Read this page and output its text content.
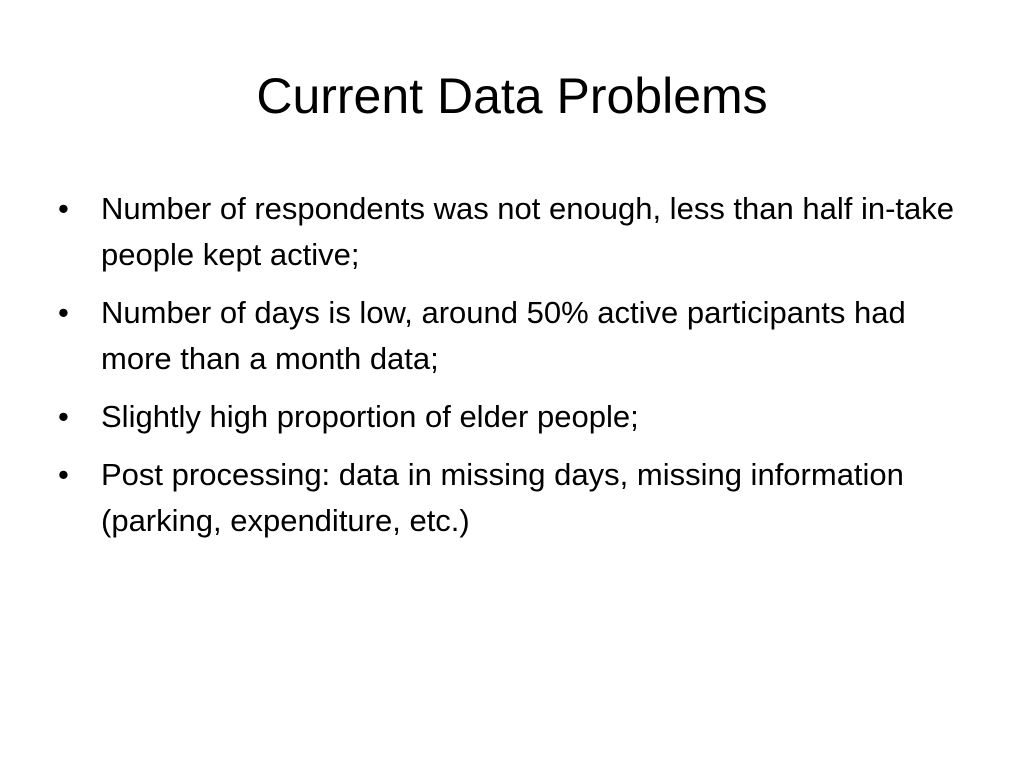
Current Data Problems
•	Number of respondents was not enough, less than half in-take people kept active;
•	Number of days is low, around 50% active participants had more than a month data;
•	Slightly high proportion of elder people;
•	Post processing: data in missing days, missing information (parking, expenditure, etc.)
